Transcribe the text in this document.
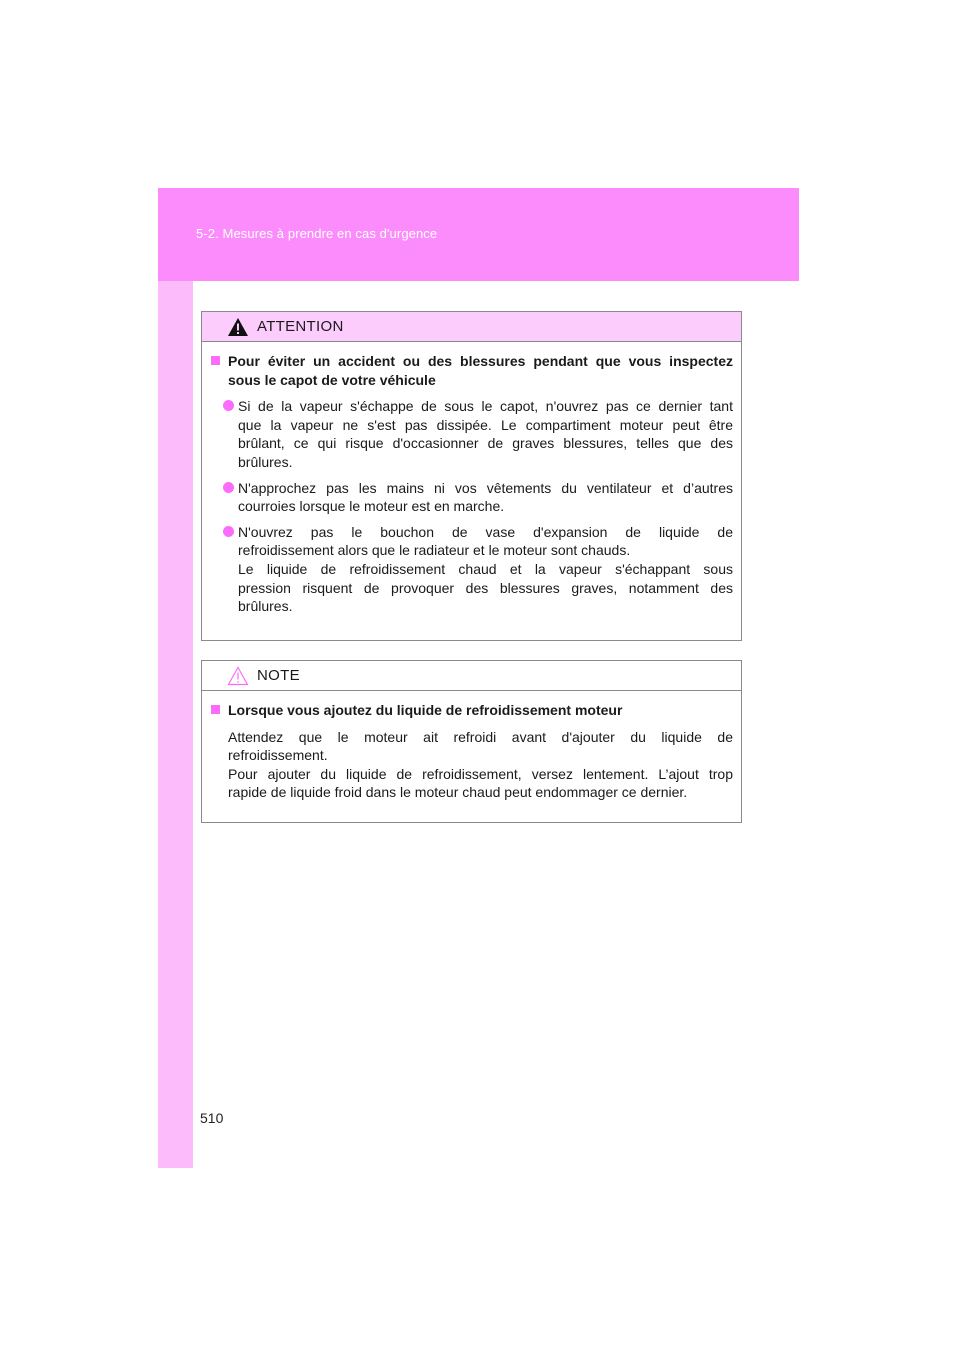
5-2. Mesures à prendre en cas d'urgence
ATTENTION
Pour éviter un accident ou des blessures pendant que vous inspectez
sous le capot de votre véhicule
Si de la vapeur s'échappe de sous le capot, n'ouvrez pas ce dernier tant
que la vapeur ne s'est pas dissipée. Le compartiment moteur peut être
brûlant, ce qui risque d'occasionner de graves blessures, telles que des
brûlures.
N'approchez pas les mains ni vos vêtements du ventilateur et d’autres
courroies lorsque le moteur est en marche.
N'ouvrez pas le bouchon de vase d'expansion de liquide de
refroidissement alors que le radiateur et le moteur sont chauds.
Le liquide de refroidissement chaud et la vapeur s'échappant sous
pression risquent de provoquer des blessures graves, notamment des
brûlures.
NOTE
Lorsque vous ajoutez du liquide de refroidissement moteur
Attendez que le moteur ait refroidi avant d'ajouter du liquide de
refroidissement.
Pour ajouter du liquide de refroidissement, versez lentement. L’ajout trop
rapide de liquide froid dans le moteur chaud peut endommager ce dernier.
510
